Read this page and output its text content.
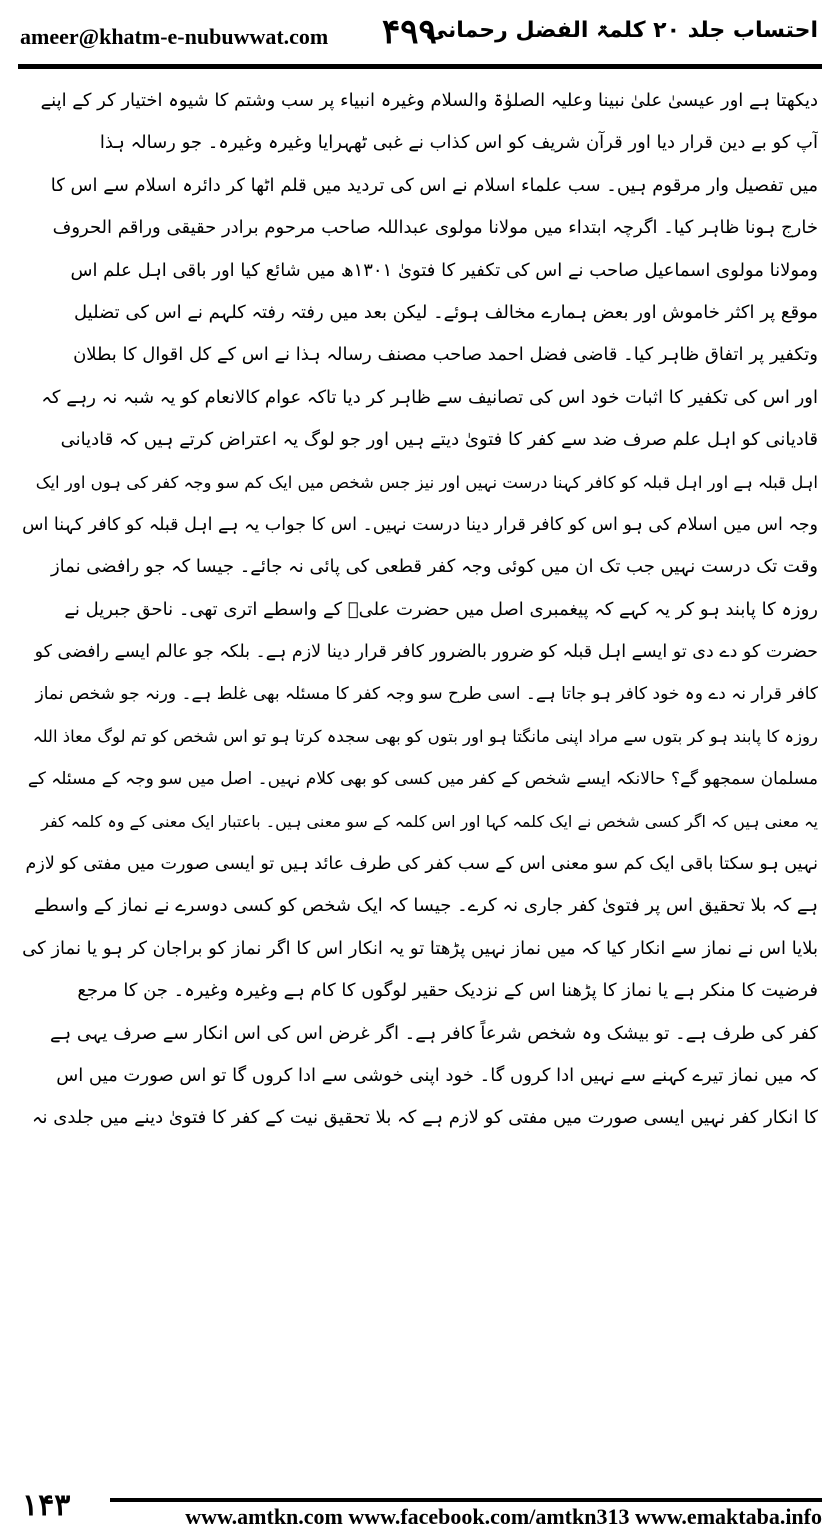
ameer@khatm-e-nubuwwat.com ۴۹۹
احتساب جلد ۲۰ کلمۃ الفضل رحمانی
دیکھتا ہے اور عیسیٰ علیٰ نبینا وعلیہ الصلوٰۃ والسلام وغیرہ انبیاء پر سب وشتم کا شیوہ اختیار کر کے اپنے
آپ کو بے دین قرار دیا اور قرآن شریف کو اس کذاب نے غبی ٹھہرایا وغیرہ وغیرہ۔ جو رسالہ ہذا
میں تفصیل وار مرقوم ہیں۔ سب علماء اسلام نے اس کی تردید میں قلم اٹھا کر دائرہ اسلام سے اس کا
خارج ہونا ظاہر کیا۔ اگرچہ ابتداء میں مولانا مولوی عبداللہ صاحب مرحوم برادر حقیقی وراقم الحروف
ومولانا مولوی اسماعیل صاحب نے اس کی تکفیر کا فتویٰ ۱۳۰۱ھ میں شائع کیا اور باقی اہل علم اس
موقع پر اکثر خاموش اور بعض ہمارے مخالف ہوئے۔ لیکن بعد میں رفتہ رفتہ کلہم نے اس کی تضلیل
وتکفیر پر اتفاق ظاہر کیا۔ قاضی فضل احمد صاحب مصنف رسالہ ہذا نے اس کے کل اقوال کا بطلان
اور اس کی تکفیر کا اثبات خود اس کی تصانیف سے ظاہر کر دیا تاکہ عوام کالانعام کو یہ شبہ نہ رہے کہ
قادیانی کو اہل علم صرف ضد سے کفر کا فتویٰ دیتے ہیں اور جو لوگ یہ اعتراض کرتے ہیں کہ قادیانی
اہل قبلہ ہے اور اہل قبلہ کو کافر کہنا درست نہیں اور نیز جس شخص میں ایک کم سو وجہ کفر کی ہوں اور ایک
وجہ اس میں اسلام کی ہو اس کو کافر قرار دینا درست نہیں۔ اس کا جواب یہ ہے اہل قبلہ کو کافر کہنا اس
وقت تک درست نہیں جب تک ان میں کوئی وجہ کفر قطعی کی پائی نہ جائے۔ جیسا کہ جو رافضی نماز
روزہ کا پابند ہو کر یہ کہے کہ پیغمبری اصل میں حضرت علیؓ کے واسطے اتری تھی۔ ناحق جبریل نے
حضرت کو دے دی تو ایسے اہل قبلہ کو ضرور بالضرور کافر قرار دینا لازم ہے۔ بلکہ جو عالم ایسے رافضی کو
کافر قرار نہ دے وہ خود کافر ہو جاتا ہے۔ اسی طرح سو وجہ کفر کا مسئلہ بھی غلط ہے۔ ورنہ جو شخص نماز
روزہ کا پابند ہو کر بتوں سے مراد اپنی مانگتا ہو اور بتوں کو بھی سجدہ کرتا ہو تو اس شخص کو تم لوگ معاذ اللہ
مسلمان سمجھو گے؟ حالانکہ ایسے شخص کے کفر میں کسی کو بھی کلام نہیں۔ اصل میں سو وجہ کے مسئلہ کے
یہ معنی ہیں کہ اگر کسی شخص نے ایک کلمہ کہا اور اس کلمہ کے سو معنی ہیں۔ باعتبار ایک معنی کے وہ کلمہ کفر
نہیں ہو سکتا باقی ایک کم سو معنی اس کے سب کفر کی طرف عائد ہیں تو ایسی صورت میں مفتی کو لازم
ہے کہ بلا تحقیق اس پر فتویٰ کفر جاری نہ کرے۔ جیسا کہ ایک شخص کو کسی دوسرے نے نماز کے واسطے
بلایا اس نے نماز سے انکار کیا کہ میں نماز نہیں پڑھتا تو یہ انکار اس کا اگر نماز کو براجان کر ہو یا نماز کی
فرضیت کا منکر ہے یا نماز کا پڑھنا اس کے نزدیک حقیر لوگوں کا کام ہے وغیرہ وغیرہ۔ جن کا مرجع
کفر کی طرف ہے۔ تو بیشک وہ شخص شرعاً کافر ہے۔ اگر غرض اس کی اس انکار سے صرف یہی ہے
کہ میں نماز تیرے کہنے سے نہیں ادا کروں گا۔ خود اپنی خوشی سے ادا کروں گا تو اس صورت میں اس
کا انکار کفر نہیں ایسی صورت میں مفتی کو لازم ہے کہ بلا تحقیق نیت کے کفر کا فتویٰ دینے میں جلدی نہ
۱۴۳	www.amtkn.com www.facebook.com/amtkn313 www.emaktaba.info
